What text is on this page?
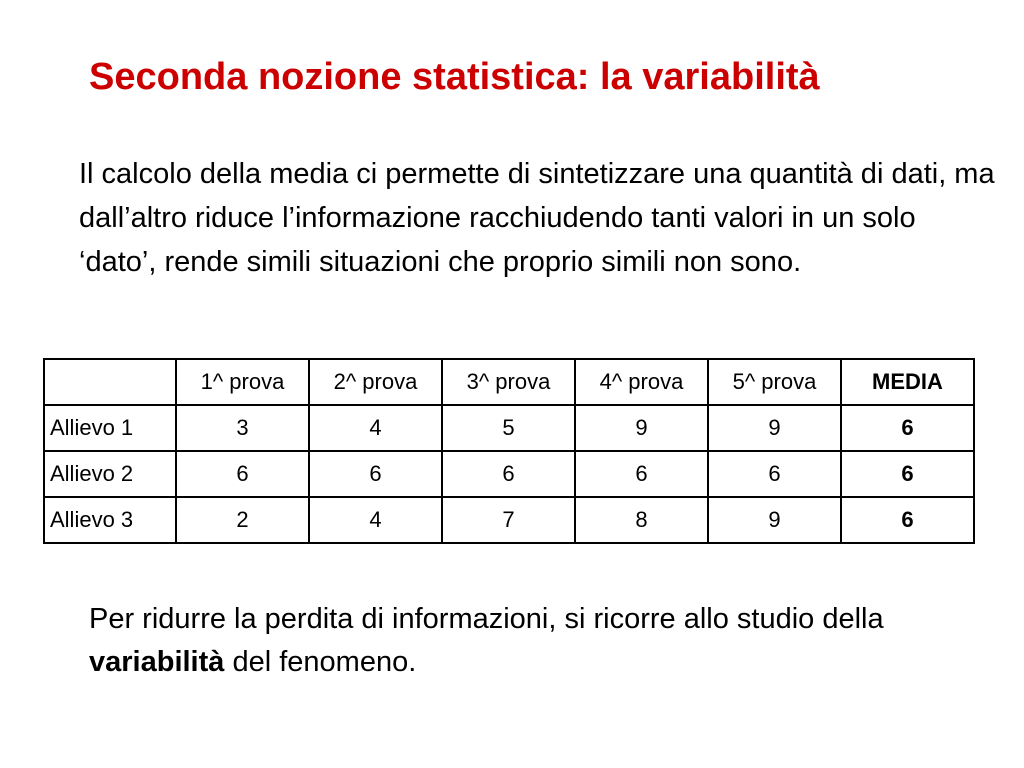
Seconda nozione statistica: la variabilità

Il calcolo della media ci permette di sintetizzare una quantità di dati, ma dall’altro riduce l’informazione racchiudendo tanti valori in un solo ‘dato’, rende simili situazioni che proprio simili non sono.

	1^ prova	2^ prova	3^ prova	4^ prova	5^ prova	MEDIA
Allievo 1	3	4	5	9	9	6
Allievo 2	6	6	6	6	6	6
Allievo 3	2	4	7	8	9	6

Per ridurre la perdita di informazioni, si ricorre allo studio della variabilità del fenomeno.
